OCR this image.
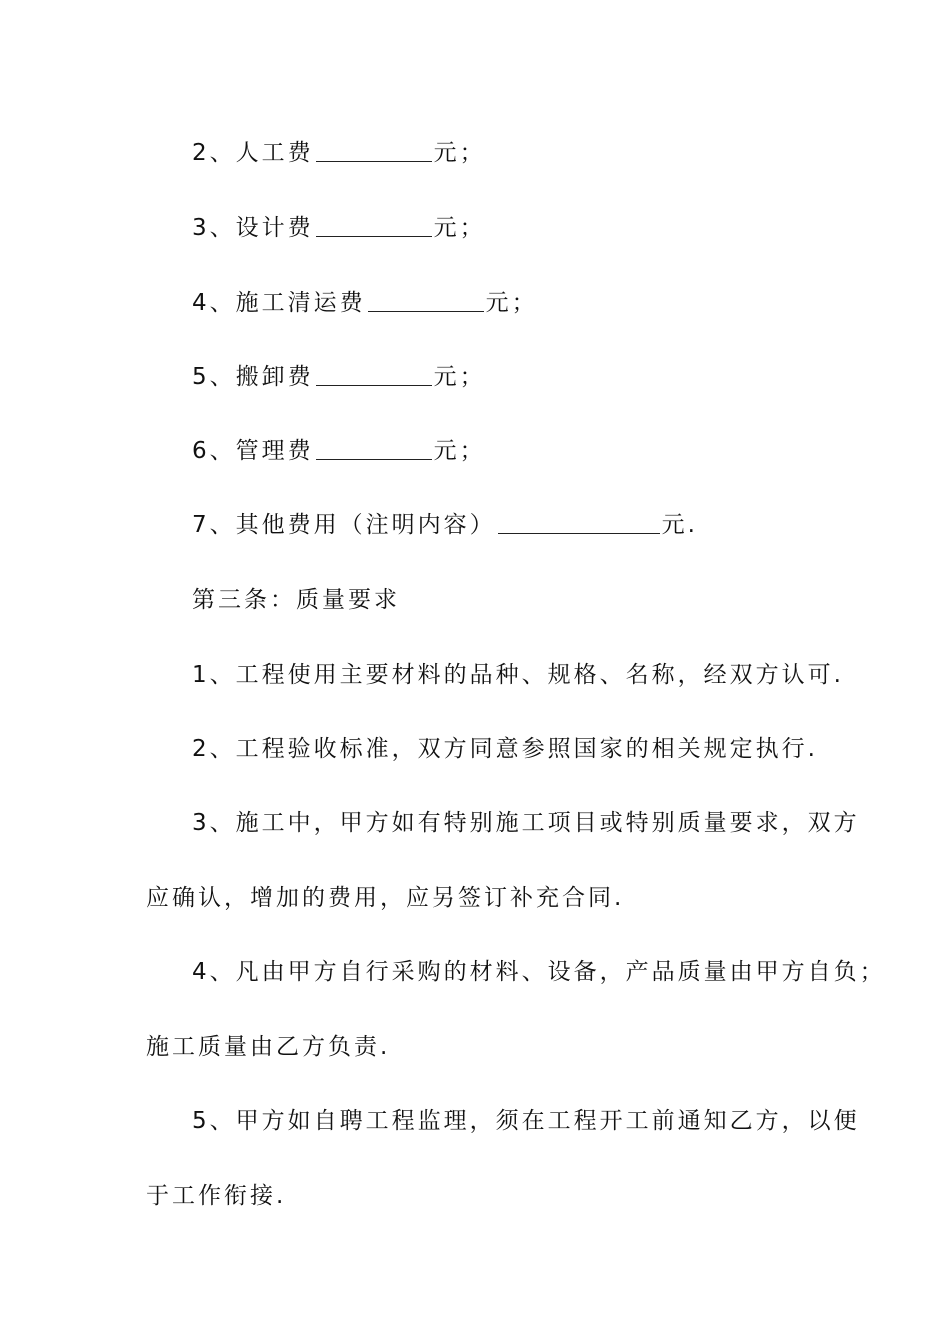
2、人工费	元；
3、设计费	元；
4、施工清运费	元；
5、搬卸费	元；
6、管理费	元；
7、其他费用（注明内容）	元.
第三条：质量要求
1、工程使用主要材料的品种、规格、名称，经双方认可.
2、工程验收标准，双方同意参照国家的相关规定执行.
3、施工中，甲方如有特别施工项目或特别质量要求，双方
应确认，增加的费用，应另签订补充合同.
4、凡由甲方自行采购的材料、设备，产品质量由甲方自负；
施工质量由乙方负责.
5、甲方如自聘工程监理，须在工程开工前通知乙方，以便
于工作衔接.
